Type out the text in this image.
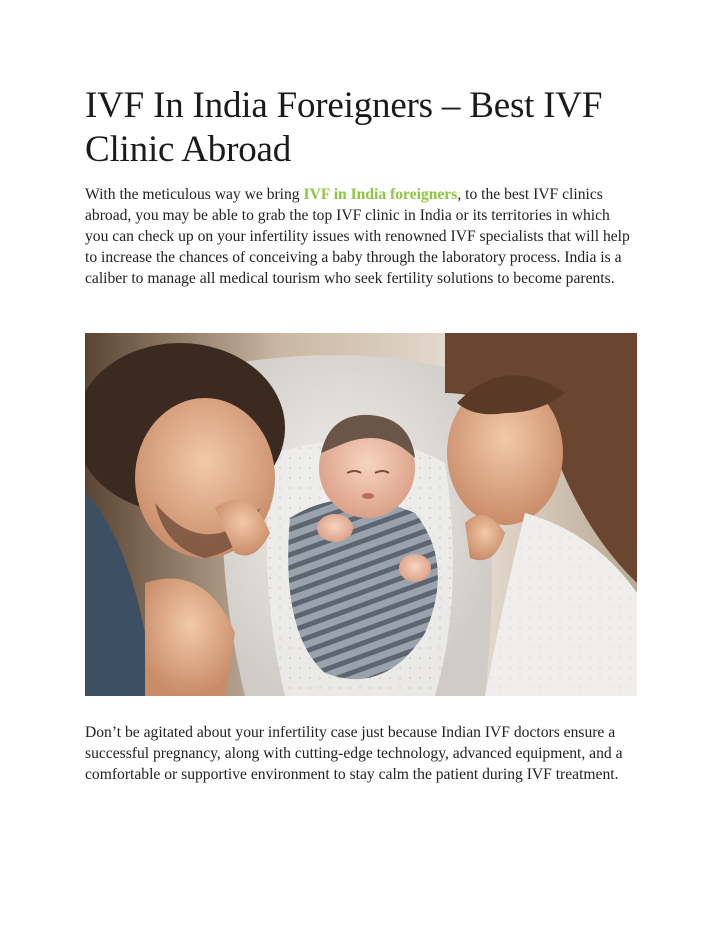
IVF In India Foreigners – Best IVF Clinic Abroad

With the meticulous way we bring IVF in India foreigners, to the best IVF clinics abroad, you may be able to grab the top IVF clinic in India or its territories in which you can check up on your infertility issues with renowned IVF specialists that will help to increase the chances of conceiving a baby through the laboratory process. India is a caliber to manage all medical tourism who seek fertility solutions to become parents.

Don’t be agitated about your infertility case just because Indian IVF doctors ensure a successful pregnancy, along with cutting-edge technology, advanced equipment, and a comfortable or supportive environment to stay calm the patient during IVF treatment.
